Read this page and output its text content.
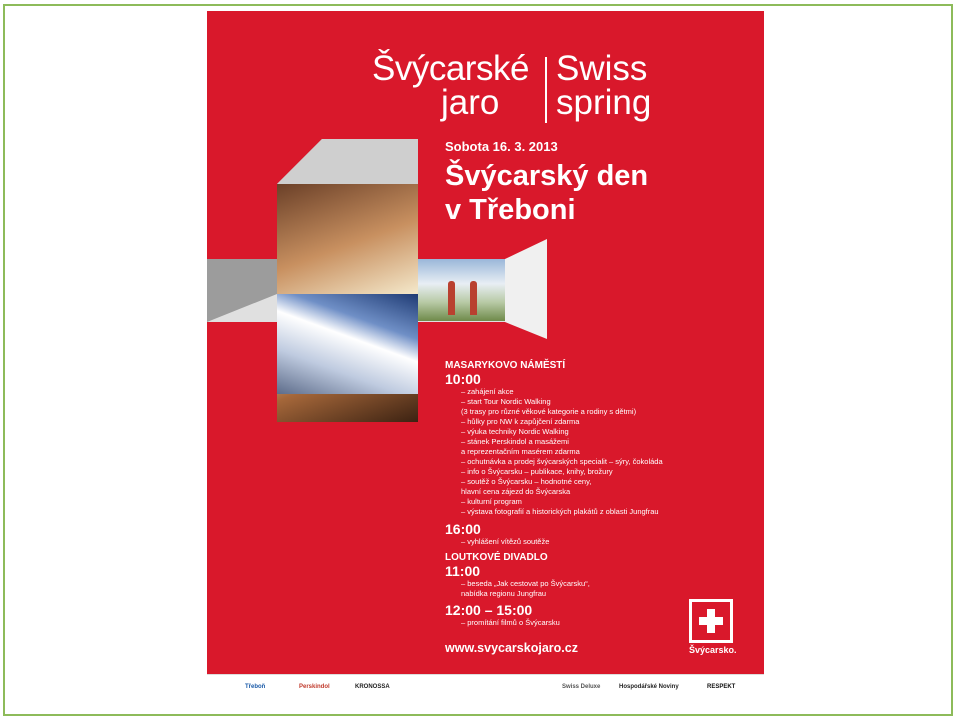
Švýcarské Swiss
jaro spring
Sobota 16. 3. 2013
Švýcarský den
v Třeboni
MASARYKOVO NÁMĚSTÍ
10:00
– zahájení akce
– start Tour Nordic Walking
(3 trasy pro různé věkové kategorie a rodiny s dětmi)
– hůlky pro NW k zapůjčení zdarma
– výuka techniky Nordic Walking
– stánek Perskindol a masážemi
a reprezentačním masérem zdarma
– ochutnávka a prodej švýcarských specialit – sýry, čokoláda
– info o Švýcarsku – publikace, knihy, brožury
– soutěž o Švýcarsku – hodnotné ceny,
hlavní cena zájezd do Švýcarska
– kulturní program
– výstava fotografií a historických plakátů z oblasti Jungfrau
16:00
– vyhlášení vítězů soutěže
LOUTKOVÉ DIVADLO
11:00
– beseda „Jak cestovat po Švýcarsku“,
nabídka regionu Jungfrau
12:00 – 15:00
– promítání filmů o Švýcarsku
www.svycarskojaro.cz	Švýcarsko.
Třeboň	Perskindol	KRONOSSA	Swiss Deluxe	Hospodářské Noviny	RESPEKT
